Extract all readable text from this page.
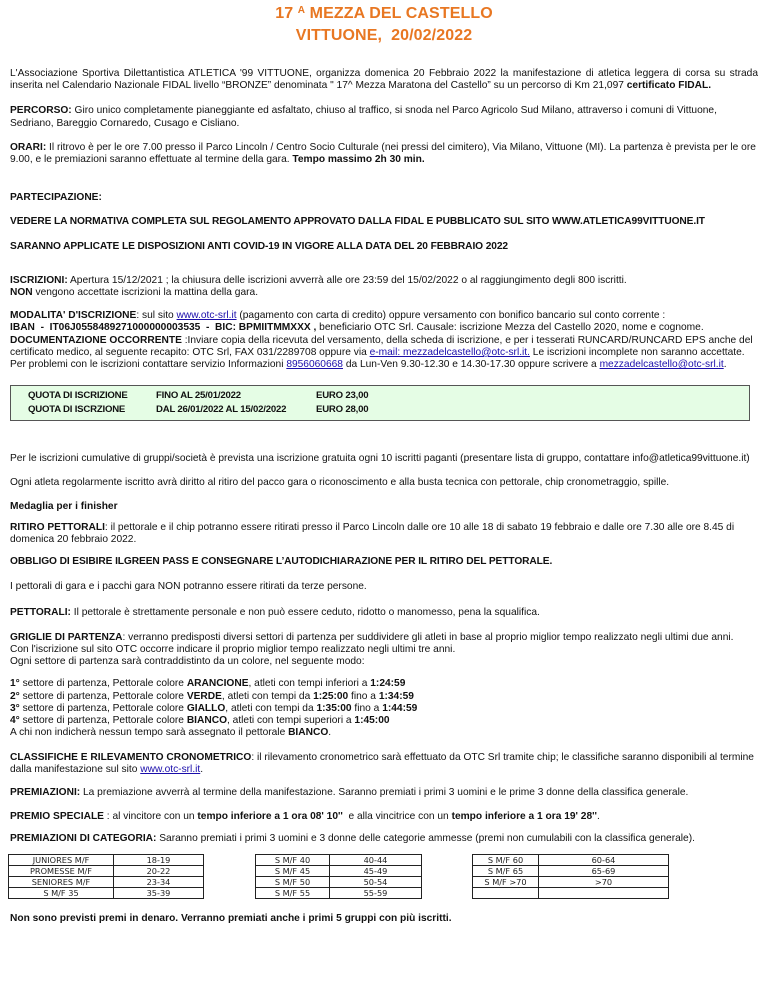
17 $^A$ MEZZA DEL CASTELLO
VITTUONE,  20/02/2022
L'Associazione Sportiva Dilettantistica ATLETICA '99 VITTUONE, organizza domenica 20 Febbraio 2022 la manifestazione di atletica leggera di corsa su strada inserita nel Calendario Nazionale FIDAL livello “BRONZE” denominata " 17^ Mezza Maratona del Castello” su un percorso di Km 21,097 certificato FIDAL.
PERCORSO: Giro unico completamente pianeggiante ed asfaltato, chiuso al traffico, si snoda nel Parco Agricolo Sud Milano, attraverso i comuni di Vittuone, Sedriano, Bareggio Cornaredo, Cusago e Cisliano.
ORARI: Il ritrovo è per le ore 7.00 presso il Parco Lincoln / Centro Socio Culturale (nei pressi del cimitero), Via Milano, Vittuone (MI). La partenza è prevista per le ore 9.00, e le premiazioni saranno effettuate al termine della gara. Tempo massimo 2h 30 min.
PARTECIPAZIONE:
VEDERE LA NORMATIVA COMPLETA SUL REGOLAMENTO APPROVATO DALLA FIDAL E PUBBLICATO SUL SITO WWW.ATLETICA99VITTUONE.IT
SARANNO APPLICATE LE DISPOSIZIONI ANTI COVID-19 IN VIGORE ALLA DATA DEL 20 FEBBRAIO 2022
ISCRIZIONI: Apertura 15/12/2021 ; la chiusura delle iscrizioni avverrà alle ore 23:59 del 15/02/2022 o al raggiungimento degli 800 iscritti.
NON vengono accettate iscrizioni la mattina della gara.
MODALITA' D'ISCRIZIONE: sul sito www.otc-srl.it (pagamento con carta di credito) oppure versamento con bonifico bancario sul conto corrente :
IBAN  -  IT06J0558489271000000003535  -  BIC: BPMIITMMXXX , beneficiario OTC Srl. Causale: iscrizione Mezza del Castello 2020, nome e cognome.
DOCUMENTAZIONE OCCORRENTE :Inviare copia della ricevuta del versamento, della scheda di iscrizione, e per i tesserati RUNCARD/RUNCARD EPS anche del certificato medico, al seguente recapito: OTC Srl, FAX 031/2289708 oppure via e-mail: mezzadelcastello@otc-srl.it. Le iscrizioni incomplete non saranno accettate. Per problemi con le iscrizioni contattare servizio Informazioni 8956060668 da Lun-Ven 9.30-12.30 e 14.30-17.30 oppure scrivere a mezzadelcastello@otc-srl.it.
QUOTA DI ISCRIZIONE	FINO AL 25/01/2022	EURO 23,00
QUOTA DI ISCRZIONE	DAL 26/01/2022 AL 15/02/2022	EURO 28,00
Per le iscrizioni cumulative di gruppi/società è prevista una iscrizione gratuita ogni 10 iscritti paganti (presentare lista di gruppo, contattare info@atletica99vittuone.it)
Ogni atleta regolarmente iscritto avrà diritto al ritiro del pacco gara o riconoscimento e alla busta tecnica con pettorale, chip cronometraggio, spille.
Medaglia per i finisher
RITIRO PETTORALI: il pettorale e il chip potranno essere ritirati presso il Parco Lincoln dalle ore 10 alle 18 di sabato 19 febbraio e dalle ore 7.30 alle ore 8.45 di domenica 20 febbraio 2022.
OBBLIGO DI ESIBIRE ILGREEN PASS E CONSEGNARE L’AUTODICHIARAZIONE PER IL RITIRO DEL PETTORALE.
I pettorali di gara e i pacchi gara NON potranno essere ritirati da terze persone.
PETTORALI: Il pettorale è strettamente personale e non può essere ceduto, ridotto o manomesso, pena la squalifica.
GRIGLIE DI PARTENZA: verranno predisposti diversi settori di partenza per suddividere gli atleti in base al proprio miglior tempo realizzato negli ultimi due anni.
Con l'iscrizione sul sito OTC occorre indicare il proprio miglior tempo realizzato negli ultimi tre anni.
Ogni settore di partenza sarà contraddistinto da un colore, nel seguente modo:
1° settore di partenza, Pettorale colore ARANCIONE, atleti con tempi inferiori a 1:24:59
2° settore di partenza, Pettorale colore VERDE, atleti con tempi da 1:25:00 fino a 1:34:59
3° settore di partenza, Pettorale colore GIALLO, atleti con tempi da 1:35:00 fino a 1:44:59
4° settore di partenza, Pettorale colore BIANCO, atleti con tempi superiori a 1:45:00
A chi non indicherà nessun tempo sarà assegnato il pettorale BIANCO.
CLASSIFICHE E RILEVAMENTO CRONOMETRICO: il rilevamento cronometrico sarà effettuato da OTC Srl tramite chip; le classifiche saranno disponibili al termine dalla manifestazione sul sito www.otc-srl.it.
PREMIAZIONI: La premiazione avverrà al termine della manifestazione. Saranno premiati i primi 3 uomini e le prime 3 donne della classifica generale.
PREMIO SPECIALE : al vincitore con un tempo inferiore a 1 ora 08' 10''  e alla vincitrice con un tempo inferiore a 1 ora 19' 28''.
PREMIAZIONI DI CATEGORIA: Saranno premiati i primi 3 uomini e 3 donne delle categorie ammesse (premi non cumulabili con la classifica generale).
JUNIORES M/F	18-19
PROMESSE M/F	20-22
SENIORES M/F	23-34
S M/F 35	35-39
S M/F 40	40-44
S M/F 45	45-49
S M/F 50	50-54
S M/F 55	55-59
S M/F 60	60-64
S M/F 65	65-69
S M/F >70	>70

Non sono previsti premi in denaro. Verranno premiati anche i primi 5 gruppi con più iscritti.
